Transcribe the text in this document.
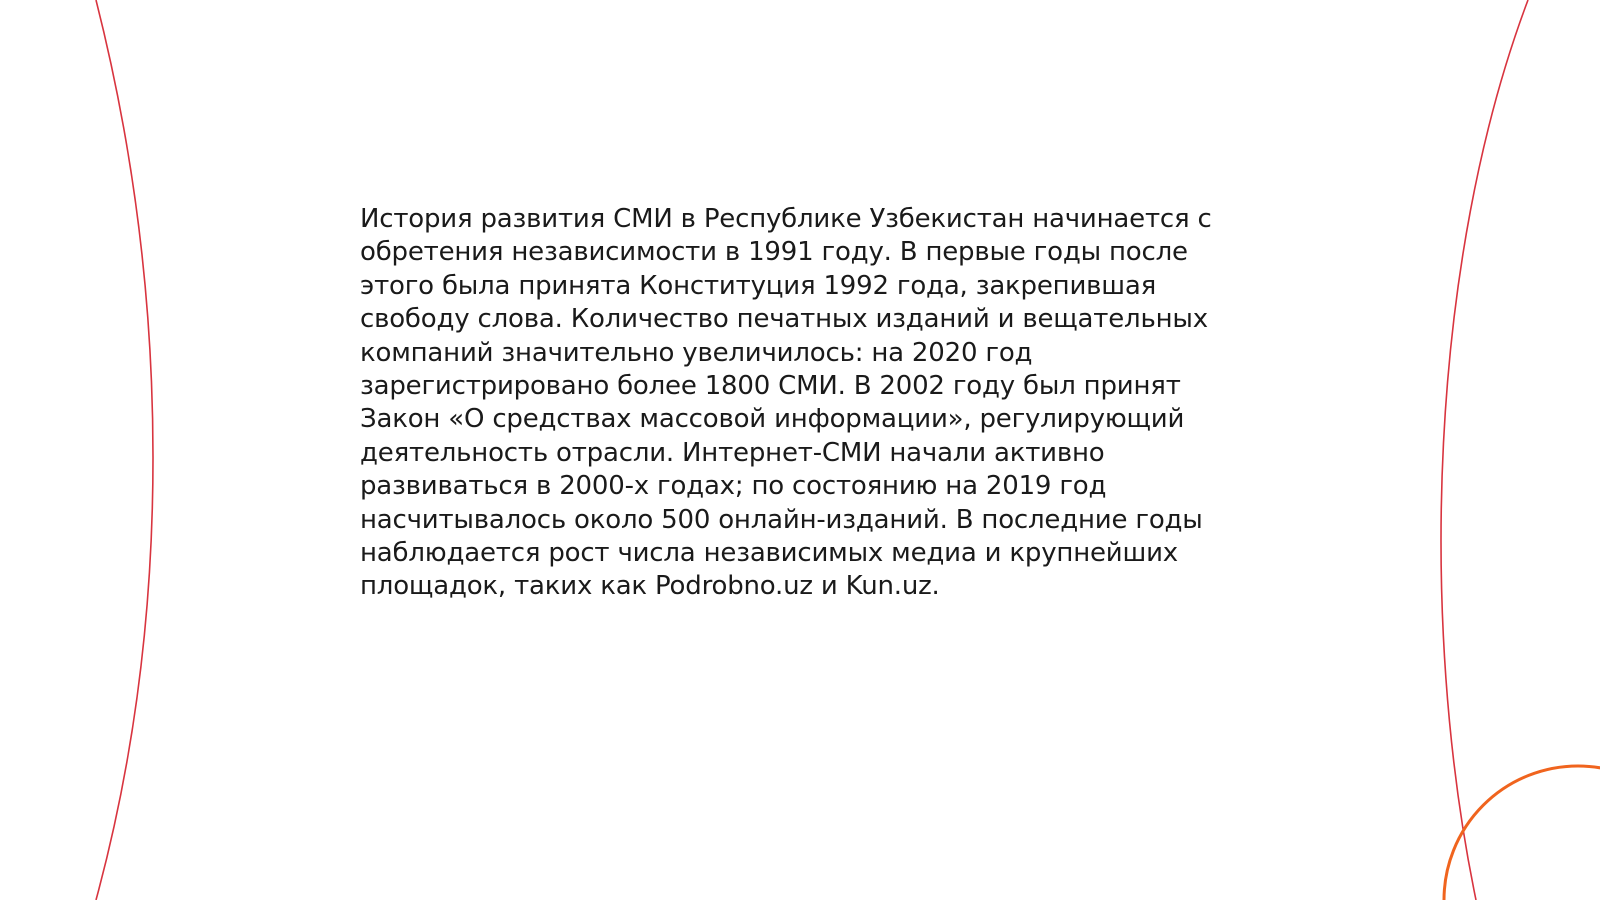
История развития СМИ в Республике Узбекистан начинается с
обретения независимости в 1991 году. В первые годы после
этого была принята Конституция 1992 года, закрепившая
свободу слова. Количество печатных изданий и вещательных
компаний значительно увеличилось: на 2020 год
зарегистрировано более 1800 СМИ. В 2002 году был принят
Закон «О средствах массовой информации», регулирующий
деятельность отрасли. Интернет-СМИ начали активно
развиваться в 2000-х годах; по состоянию на 2019 год
насчитывалось около 500 онлайн-изданий. В последние годы
наблюдается рост числа независимых медиа и крупнейших
площадок, таких как Podrobno.uz и Kun.uz.
